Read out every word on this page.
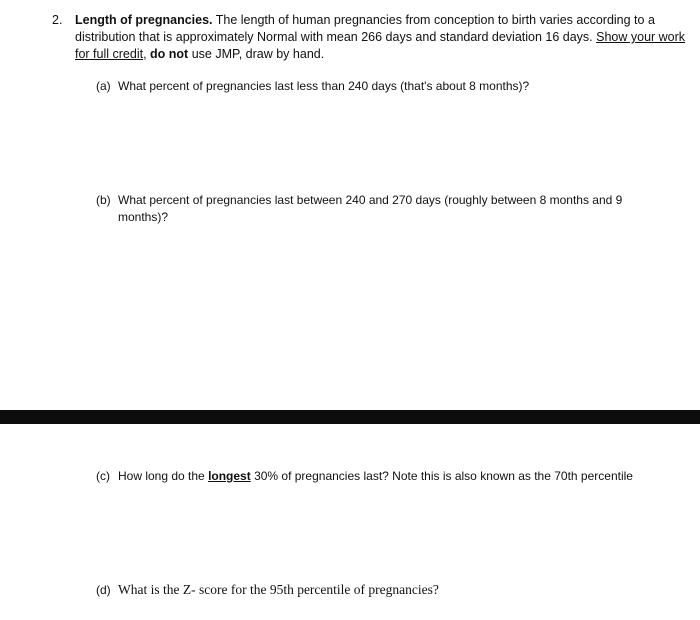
2. Length of pregnancies. The length of human pregnancies from conception to birth varies according to a distribution that is approximately Normal with mean 266 days and standard deviation 16 days. Show your work for full credit, do not use JMP, draw by hand.
(a) What percent of pregnancies last less than 240 days (that's about 8 months)?
(b) What percent of pregnancies last between 240 and 270 days (roughly between 8 months and 9 months)?
(c) How long do the longest 30% of pregnancies last? Note this is also known as the 70th percentile
(d) What is the Z- score for the 95th percentile of pregnancies?
